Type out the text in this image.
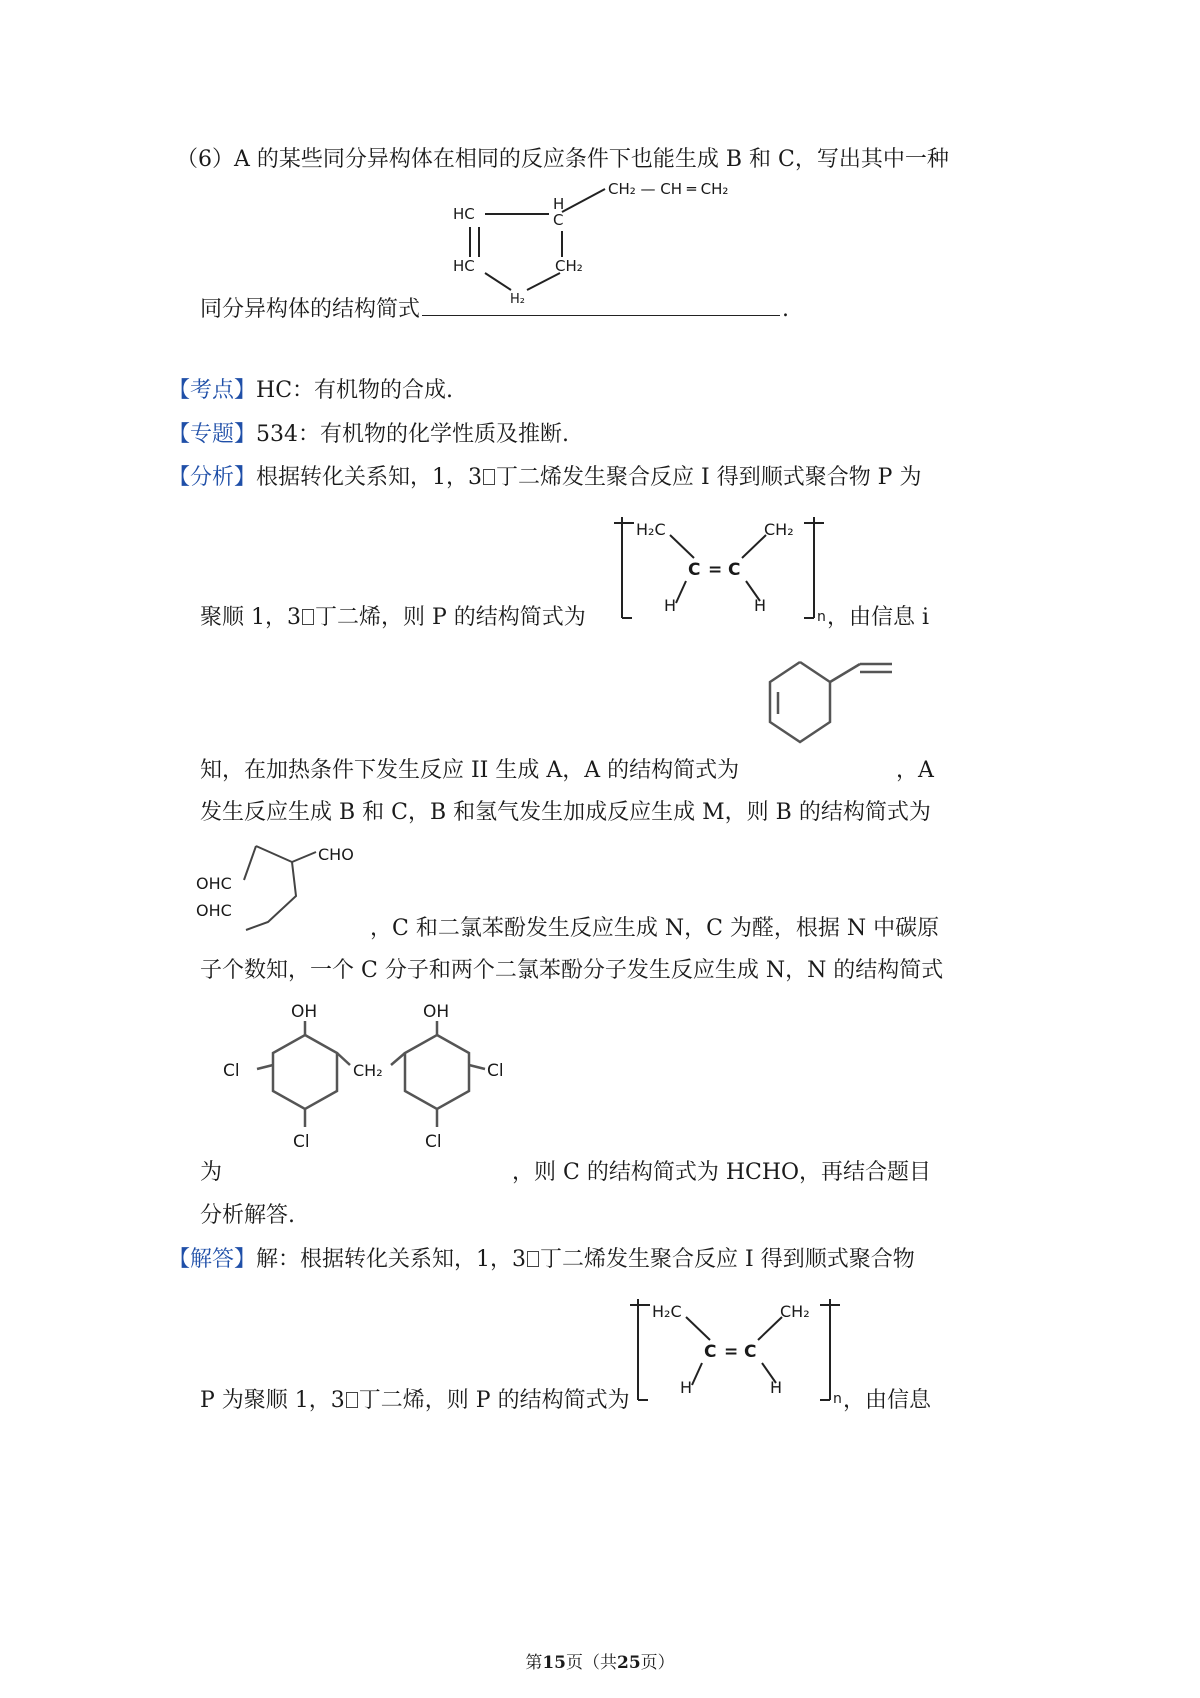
（6）A 的某些同分异构体在相同的反应条件下也能生成 B 和 C，写出其中一种
CH₂ — CH ═ CH₂
HC
H
C
HC	CH₂
H₂
同分异构体的结构简式	.
【考点】HC：有机物的合成.
【专题】534：有机物的化学性质及推断.
【分析】根据转化关系知，1，3 丁二烯发生聚合反应 I 得到顺式聚合物 P 为
H₂C	CH₂
C = C
H	H
n
聚顺 1，3 丁二烯，则 P 的结构简式为	，由信息 i
知，在加热条件下发生反应 II 生成 A，A 的结构简式为	，A
发生反应生成 B 和 C，B 和氢气发生加成反应生成 M，则 B 的结构简式为
CHO
OHC
OHC
，C 和二氯苯酚发生反应生成 N，C 为醛，根据 N 中碳原
子个数知，一个 C 分子和两个二氯苯酚分子发生反应生成 N，N 的结构简式
OH	OH
Cl	Cl
CH₂
Cl	Cl
为	，则 C 的结构简式为 HCHO，再结合题目
分析解答.
【解答】解：根据转化关系知，1，3 丁二烯发生聚合反应 I 得到顺式聚合物
H₂C	CH₂
C = C
H	H
n
P 为聚顺 1，3 丁二烯，则 P 的结构简式为	，由信息
第15页（共25页）
